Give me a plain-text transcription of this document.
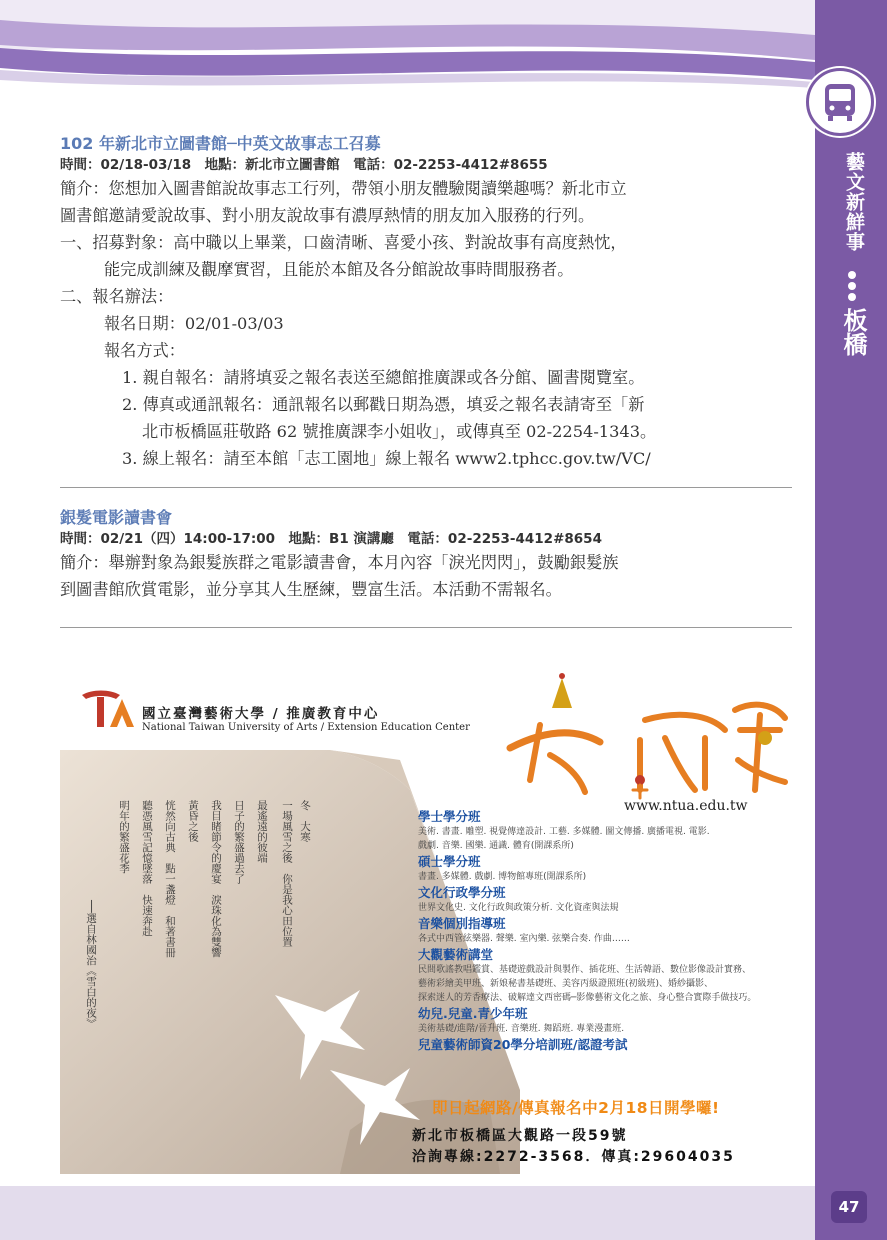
藝文新鮮事
板橋
102 年新北市立圖書館─中英文故事志工召募

時間：02/18-03/18　地點：新北市立圖書館　電話：02-2253-4412#8655

簡介：您想加入圖書館說故事志工行列，帶領小朋友體驗閱讀樂趣嗎？新北市立

圖書館邀請愛說故事、對小朋友說故事有濃厚熱情的朋友加入服務的行列。

一、招募對象：高中職以上畢業，口齒清晰、喜愛小孩、對說故事有高度熱忱，

能完成訓練及觀摩實習，且能於本館及各分館說故事時間服務者。

二、報名辦法：

報名日期：02/01-03/03

報名方式：

1. 親自報名：請將填妥之報名表送至總館推廣課或各分館、圖書閱覽室。

2. 傳真或通訊報名：通訊報名以郵戳日期為憑，填妥之報名表請寄至「新

北市板橋區莊敬路 62 號推廣課李小姐收」，或傳真至 02-2254-1343。

3. 線上報名：請至本館「志工園地」線上報名 www2.tphcc.gov.tw/VC/

銀髮電影讀書會

時間：02/21（四）14:00-17:00　地點：B1 演講廳　電話：02-2253-4412#8654

簡介：舉辦對象為銀髮族群之電影讀書會，本月內容「淚光閃閃」，鼓勵銀髮族

到圖書館欣賞電影，並分享其人生歷練，豐富生活。本活動不需報名。

冬　大寒
一場風雪之後　你是我心田位置
最遙遠的彼端
日子的繁盛過去了
我目睹節令的慶宴　淚珠化為雙響
黃昏之後
恍然向古典　點一盞燈　和著書冊
聽憑風雪記憶墜落　快速奔赴
明年的繁盛花季
──選自林國治《雪白的夜》
國立臺灣藝術大學 / 推廣教育中心
National Taiwan University of Arts / Extension Education Center
www.ntua.edu.tw

學士學分班

美術. 書畫. 雕塑. 視覺傳達設計. 工藝. 多媒體. 圖文傳播. 廣播電視. 電影.

戲劇. 音樂. 國樂. 通識. 體育(開課系所)

碩士學分班

書畫. 多媒體. 戲劇. 博物館專班(開課系所)

文化行政學分班

世界文化史. 文化行政與政策分析. 文化資產與法規

音樂個別指導班

各式中西管絃樂器. 聲樂. 室內樂. 弦樂合奏. 作曲……

大觀藝術講堂

民間歌謠教唱鑑賞、基礎遊戲設計與製作、插花班、生活韓語、數位影像設計實務、

藝術彩繪美甲班、新娘秘書基礎班、美容丙級證照班(初級班)、婚紗攝影、

探索迷人的芳香療法、破解達文西密碼─影像藝術文化之旅、身心整合實際手做技巧。

幼兒.兒童.青少年班

美術基礎/進階/晉升班. 音樂班. 舞蹈班. 專業漫畫班.

兒童藝術師資20學分培訓班/認證考試

即日起網路/傳真報名中2月18日開學囉!
新北市板橋區大觀路一段59號
洽詢專線:2272-3568．傳真:29604035
47
